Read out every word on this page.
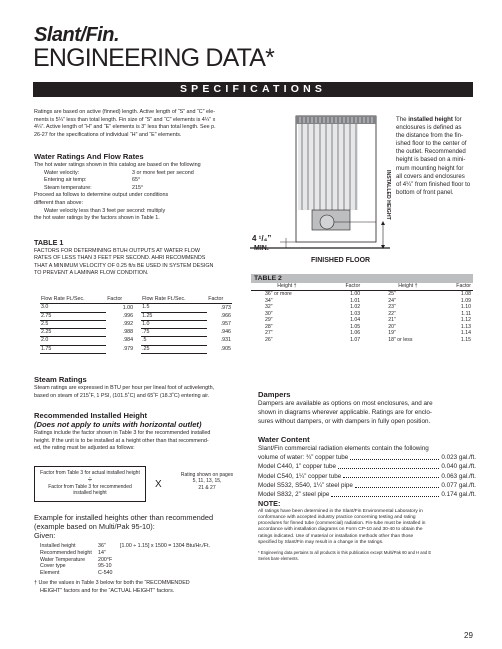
Slant/Fin.
ENGINEERING DATA*
SPECIFICATIONS
Ratings are based on active (finned) length. Active length of “S” and “C” ele-
ments is 5¼” less than total length. Fin size of “S” and “C” elements is 4¼” x
4¼”. Active length of “H” and “E” elements is 3” less than total length. See p.
26-27 for the specifications of individual “H” and “E” elements.
Water Ratings And Flow Rates
The hot water ratings shown in this catalog are based on the following
Water velocity:	3 or more feet per second
Entering air temp:	65°
Steam temperature:	215°
Proceed as follows to determine output under conditions
different than above:
Water velocity less than 3 feet per second: multiply
the hot water ratings by the factors shown in Table 1.
TABLE 1
FACTORS FOR DETERMINING BTUH OUTPUTS AT WATER FLOW
RATES OF LESS THAN 3 FEET PER SECOND. AHRI RECOMMENDS
THAT A MINIMUM VELOCITY OF 0.25 ft/s BE USED IN SYSTEM DESIGN
TO PREVENT A LAMINAR FLOW CONDITION.
Flow Rate Ft./Sec.	Factor	Flow Rate Ft./Sec.	Factor
3.0	1.00	1.5	.973
2.75	.996	1.25	.966
2.5	.992	1.0	.957
2.25	.988	.75	.946
2.0	.984	.5	.931
1.75	.979	.25	.905
Steam Ratings
Steam ratings are expressed in BTU per hour per lineal foot of activelength,
based on steam of 215˚F, 1 PSI, (101.5˚C) and 65˚F (18.3˚C) entering air.
Recommended Installed Height
(Does not apply to units with horizontal outlet)
Ratings include the factor shown in Table 3 for the recommended installed
height. If the unit is to be installed at a height other than that recommend-
ed, the rating must be adjusted as follows:
Factor from Table 3 for actual installed height
÷
Factor from Table 3 for recommended
installed height
X
Rating shown on pages
5, 11, 13, 15,
21 & 27
Example for installed heights other than recommended
(example based on Multi/Pak 95-10):
Given:
Installed height	36”	[1.00 ÷ 1.15] x 1500 = 1304 Btu/Hr./Ft.
Recommended height	14”
Water Temperature	200°F
Cover type	95-10
Element	C-540
† Use the values in Table 3 below for both the “RECOMMENDED
HEIGHT” factors and for the “ACTUAL HEIGHT” factors.
INSTALLED HEIGHT
4 ¹/₄”
MIN.
FINISHED FLOOR
The installed height for
enclosures is defined as
the distance from the fin-
ished floor to the center of
the outlet. Recommended
height is based on a mini-
mum mounting height for
all covers and enclosures
of 4¼” from finished floor to
bottom of front panel.
TABLE 2
Height †	Factor	Height †	Factor
36” or more	1.00	25”	1.08
34”	1.01	24”	1.09
32”	1.02	23”	1.10
30”	1.03	22”	1.11
29”	1.04	21”	1.12
28”	1.05	20”	1.13
27”	1.06	19”	1.14
26”	1.07	18” or less	1.15
Dampers
Dampers are available as options on most enclosures, and are
shown in diagrams wherever applicable. Ratings are for enclo-
sures without dampers, or with dampers in fully open position.
Water Content
Slant/Fin commercial radiation elements contain the following
volume of water: ¾” copper tube	0.023 gal./ft.
Model C440, 1” copper tube	0.040 gal./ft.
Model C540, 1¼” copper tube	0.063 gal./ft.
Model S532, S540, 1¼” steel pipe	0.077 gal./ft.
Model S832, 2” steel pipe	0.174 gal./ft.
NOTE:
All ratings have been determined in the Slant/Fin Environmental Laboratory in
conformance with accepted industry practice concerning testing and rating
procedures for finned tube (commercial) radiation. Fin-tube must be installed in
accordance with installation diagrams on Form CP-10 and 30-40 to obtain the
ratings indicated. Use of material or installation methods other than those
specified by Slant/Fin may result in a change in the ratings.
* Engineering data pertains to all products in this publication except Multi/Pak 60 and H and E
Series bare elements.
29
